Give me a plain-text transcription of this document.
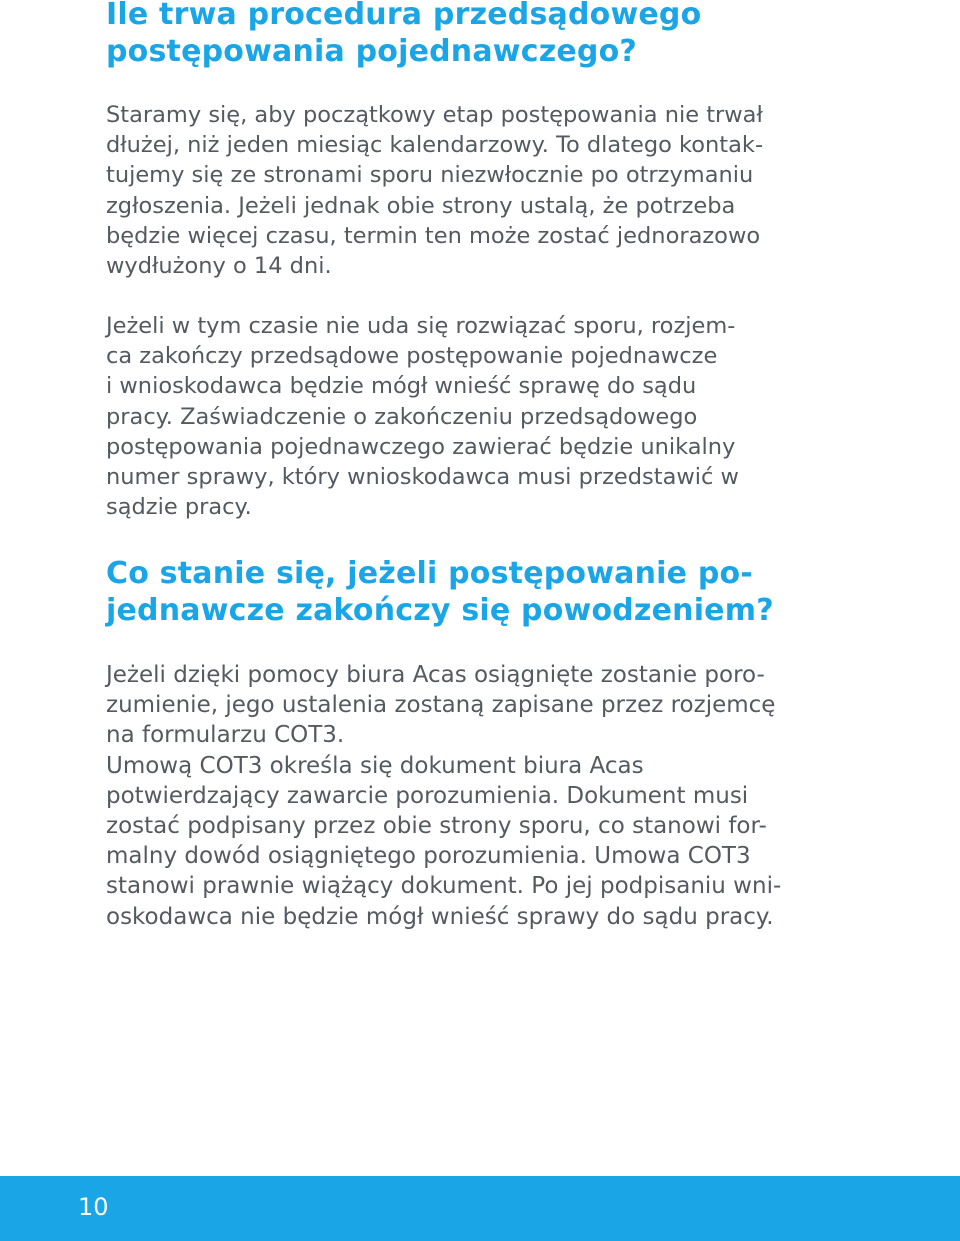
Ile trwa procedura przedsądowego
postępowania pojednawczego?

Staramy się, aby początkowy etap postępowania nie trwał
dłużej, niż jeden miesiąc kalendarzowy. To dlatego kontak-
tujemy się ze stronami sporu niezwłocznie po otrzymaniu
zgłoszenia. Jeżeli jednak obie strony ustalą, że potrzeba
będzie więcej czasu, termin ten może zostać jednorazowo
wydłużony o 14 dni.

Jeżeli w tym czasie nie uda się rozwiązać sporu, rozjem-
ca zakończy przedsądowe postępowanie pojednawcze
i wnioskodawca będzie mógł wnieść sprawę do sądu
pracy. Zaświadczenie o zakończeniu przedsądowego
postępowania pojednawczego zawierać będzie unikalny
numer sprawy, który wnioskodawca musi przedstawić w
sądzie pracy.

Co stanie się, jeżeli postępowanie po-
jednawcze zakończy się powodzeniem?

Jeżeli dzięki pomocy biura Acas osiągnięte zostanie poro-
zumienie, jego ustalenia zostaną zapisane przez rozjemcę
na formularzu COT3.
Umową COT3 określa się dokument biura Acas
potwierdzający zawarcie porozumienia. Dokument musi
zostać podpisany przez obie strony sporu, co stanowi for-
malny dowód osiągniętego porozumienia. Umowa COT3
stanowi prawnie wiążący dokument. Po jej podpisaniu wni-
oskodawca nie będzie mógł wnieść sprawy do sądu pracy.

10
